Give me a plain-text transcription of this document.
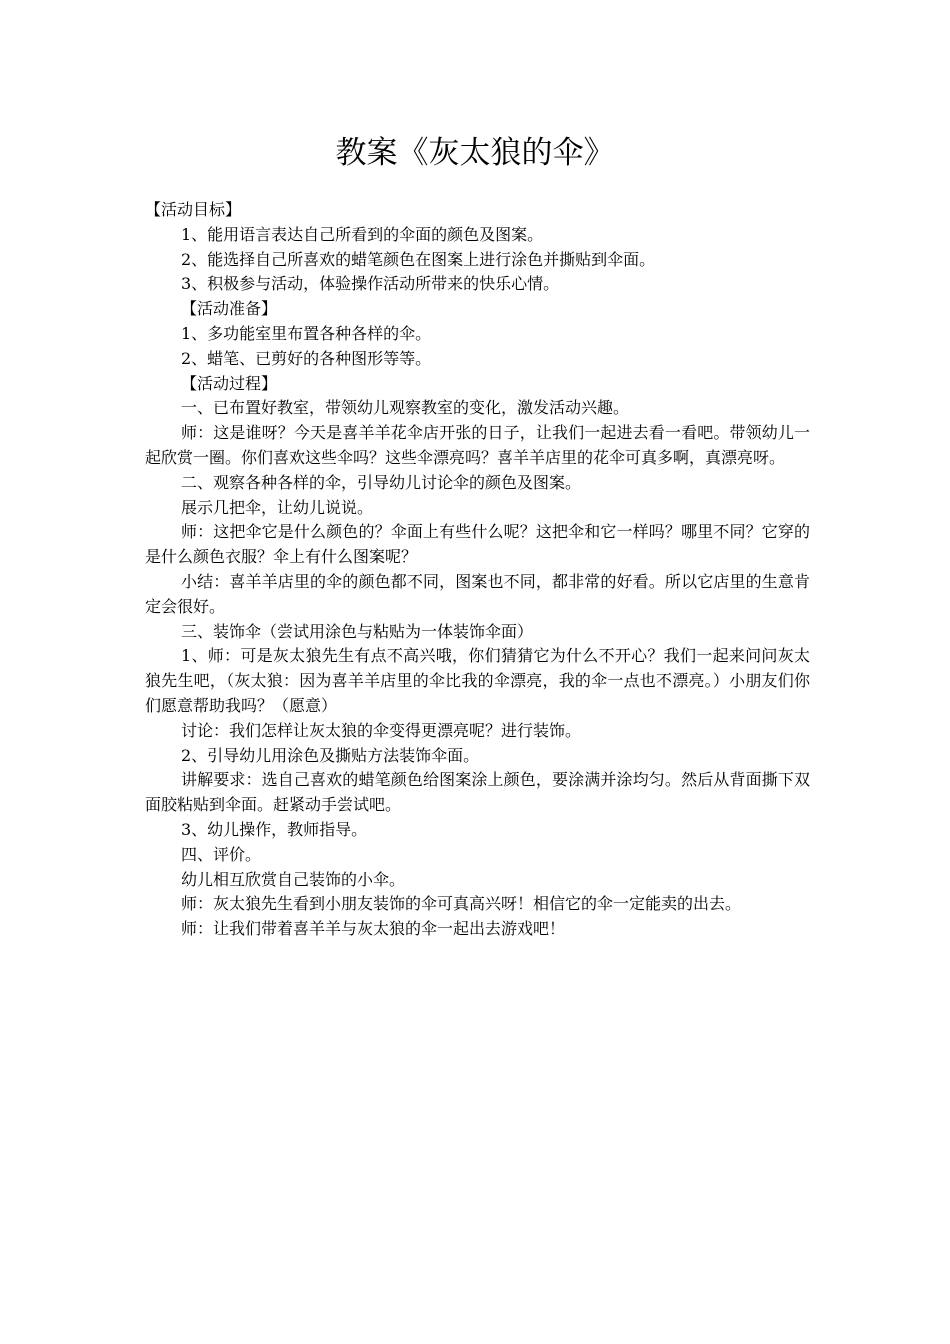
教案《灰太狼的伞》

【活动目标】

1、能用语言表达自己所看到的伞面的颜色及图案。

2、能选择自己所喜欢的蜡笔颜色在图案上进行涂色并撕贴到伞面。

3、积极参与活动，体验操作活动所带来的快乐心情。

【活动准备】

1、多功能室里布置各种各样的伞。

2、蜡笔、已剪好的各种图形等等。

【活动过程】

一、已布置好教室，带领幼儿观察教室的变化，激发活动兴趣。

师：这是谁呀？今天是喜羊羊花伞店开张的日子，让我们一起进去看一看吧。带领幼儿一起欣赏一圈。你们喜欢这些伞吗？这些伞漂亮吗？喜羊羊店里的花伞可真多啊，真漂亮呀。

二、观察各种各样的伞，引导幼儿讨论伞的颜色及图案。

展示几把伞，让幼儿说说。

师：这把伞它是什么颜色的？伞面上有些什么呢？这把伞和它一样吗？哪里不同？它穿的是什么颜色衣服？伞上有什么图案呢？

小结：喜羊羊店里的伞的颜色都不同，图案也不同，都非常的好看。所以它店里的生意肯定会很好。

三、装饰伞（尝试用涂色与粘贴为一体装饰伞面）

1、师：可是灰太狼先生有点不高兴哦，你们猜猜它为什么不开心？我们一起来问问灰太狼先生吧，（灰太狼：因为喜羊羊店里的伞比我的伞漂亮，我的伞一点也不漂亮。）小朋友们你们愿意帮助我吗？（愿意）

讨论：我们怎样让灰太狼的伞变得更漂亮呢？进行装饰。

2、引导幼儿用涂色及撕贴方法装饰伞面。

讲解要求：选自己喜欢的蜡笔颜色给图案涂上颜色，要涂满并涂均匀。然后从背面撕下双面胶粘贴到伞面。赶紧动手尝试吧。

3、幼儿操作，教师指导。

四、评价。

幼儿相互欣赏自己装饰的小伞。

师：灰太狼先生看到小朋友装饰的伞可真高兴呀！相信它的伞一定能卖的出去。

师：让我们带着喜羊羊与灰太狼的伞一起出去游戏吧！
